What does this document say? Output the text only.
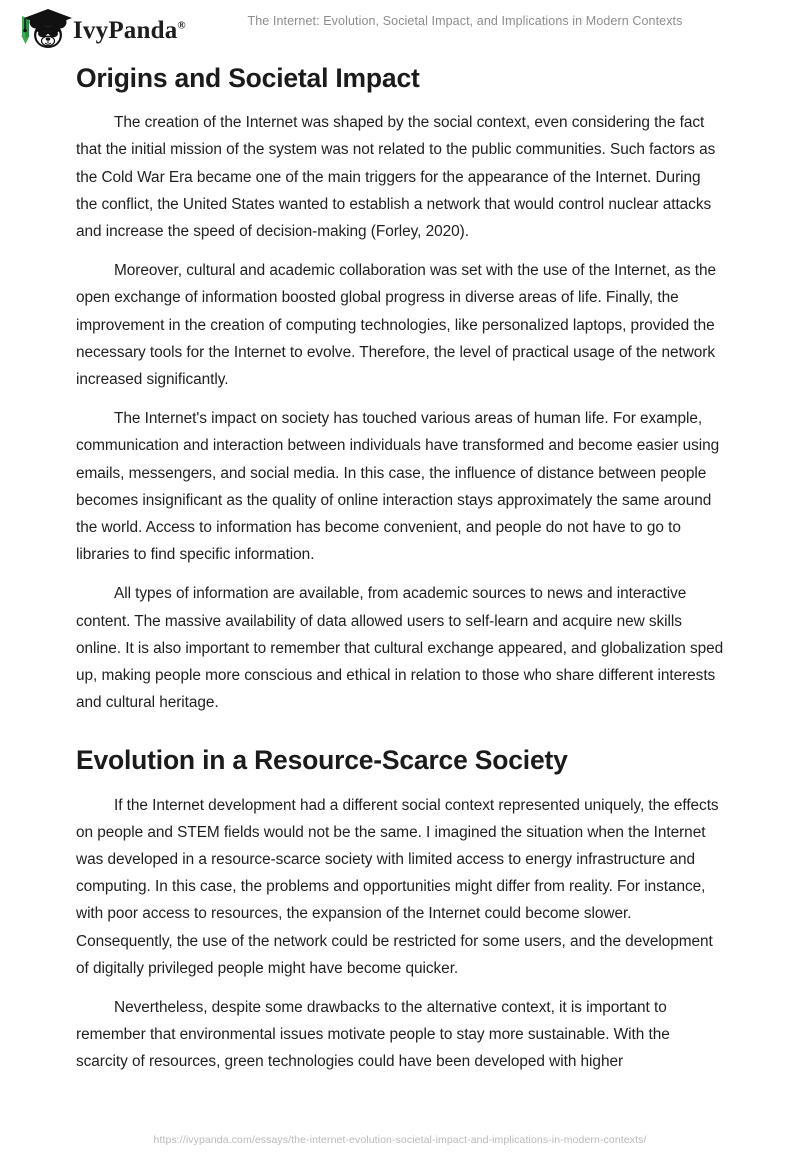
IvyPanda®	The Internet: Evolution, Societal Impact, and Implications in Modern Contexts
Origins and Societal Impact

The creation of the Internet was shaped by the social context, even considering the fact that the initial mission of the system was not related to the public communities. Such factors as the Cold War Era became one of the main triggers for the appearance of the Internet. During the conflict, the United States wanted to establish a network that would control nuclear attacks and increase the speed of decision-making (Forley, 2020).

Moreover, cultural and academic collaboration was set with the use of the Internet, as the open exchange of information boosted global progress in diverse areas of life. Finally, the improvement in the creation of computing technologies, like personalized laptops, provided the necessary tools for the Internet to evolve. Therefore, the level of practical usage of the network increased significantly.

The Internet's impact on society has touched various areas of human life. For example, communication and interaction between individuals have transformed and become easier using emails, messengers, and social media. In this case, the influence of distance between people becomes insignificant as the quality of online interaction stays approximately the same around the world. Access to information has become convenient, and people do not have to go to libraries to find specific information.

All types of information are available, from academic sources to news and interactive content. The massive availability of data allowed users to self-learn and acquire new skills online. It is also important to remember that cultural exchange appeared, and globalization sped up, making people more conscious and ethical in relation to those who share different interests and cultural heritage.

Evolution in a Resource-Scarce Society

If the Internet development had a different social context represented uniquely, the effects on people and STEM fields would not be the same. I imagined the situation when the Internet was developed in a resource-scarce society with limited access to energy infrastructure and computing. In this case, the problems and opportunities might differ from reality. For instance, with poor access to resources, the expansion of the Internet could become slower. Consequently, the use of the network could be restricted for some users, and the development of digitally privileged people might have become quicker.

Nevertheless, despite some drawbacks to the alternative context, it is important to remember that environmental issues motivate people to stay more sustainable. With the scarcity of resources, green technologies could have been developed with higher

https://ivypanda.com/essays/the-internet-evolution-societal-impact-and-implications-in-modern-contexts/
